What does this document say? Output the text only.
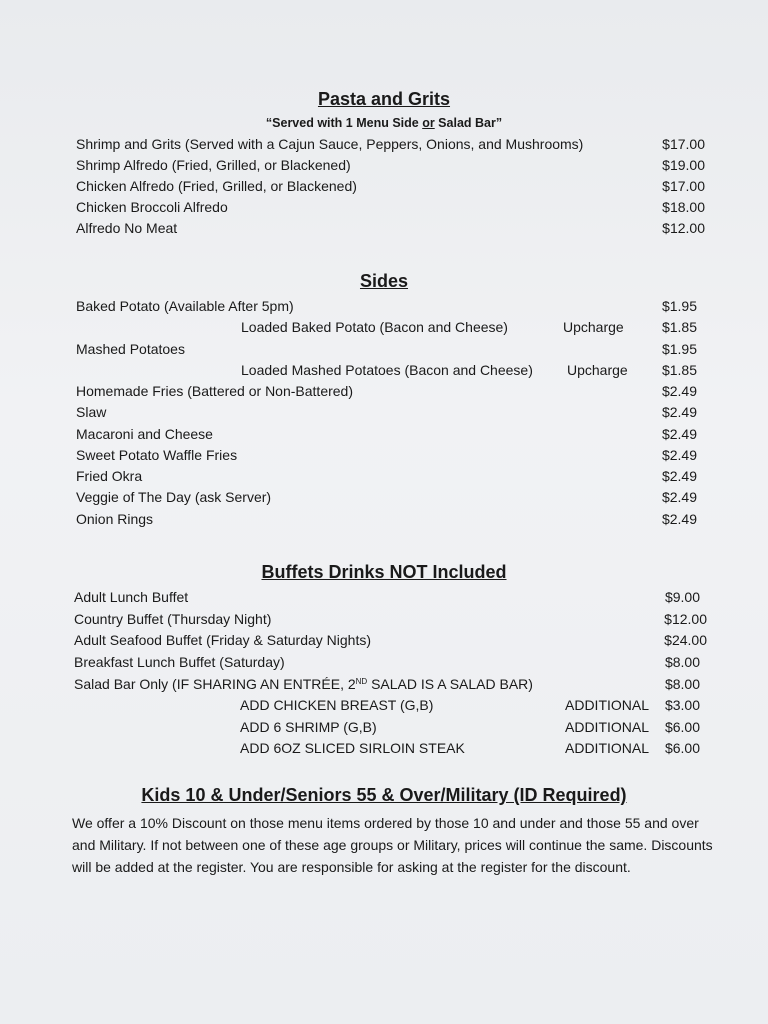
Pasta and Grits
“Served with 1 Menu Side or Salad Bar”
Shrimp and Grits (Served with a Cajun Sauce, Peppers, Onions, and Mushrooms)	$17.00
Shrimp Alfredo (Fried, Grilled, or Blackened)	$19.00
Chicken Alfredo (Fried, Grilled, or Blackened)	$17.00
Chicken Broccoli Alfredo	$18.00
Alfredo No Meat	$12.00
Sides
Baked Potato (Available After 5pm)	$1.95
Loaded Baked Potato (Bacon and Cheese)	Upcharge	$1.85
Mashed Potatoes	$1.95
Loaded Mashed Potatoes (Bacon and Cheese) Upcharge	$1.85
Homemade Fries (Battered or Non-Battered)	$2.49
Slaw	$2.49
Macaroni and Cheese	$2.49
Sweet Potato Waffle Fries	$2.49
Fried Okra	$2.49
Veggie of The Day (ask Server)	$2.49
Onion Rings	$2.49
Buffets Drinks NOT Included
Adult Lunch Buffet	$9.00
Country Buffet (Thursday Night)	$12.00
Adult Seafood Buffet (Friday & Saturday Nights)	$24.00
Breakfast Lunch Buffet (Saturday)	$8.00
Salad Bar Only (IF SHARING AN ENTRÉE, 2ND SALAD IS A SALAD BAR)	$8.00
ADD CHICKEN BREAST (G,B)	ADDITIONAL	$3.00
ADD 6 SHRIMP (G,B)	ADDITIONAL	$6.00
ADD 6OZ SLICED SIRLOIN STEAK	ADDITIONAL	$6.00
Kids 10 & Under/Seniors 55 & Over/Military (ID Required)
We offer a 10% Discount on those menu items ordered by those 10 and under and those 55 and over and Military. If not between one of these age groups or Military, prices will continue the same. Discounts will be added at the register. You are responsible for asking at the register for the discount.
